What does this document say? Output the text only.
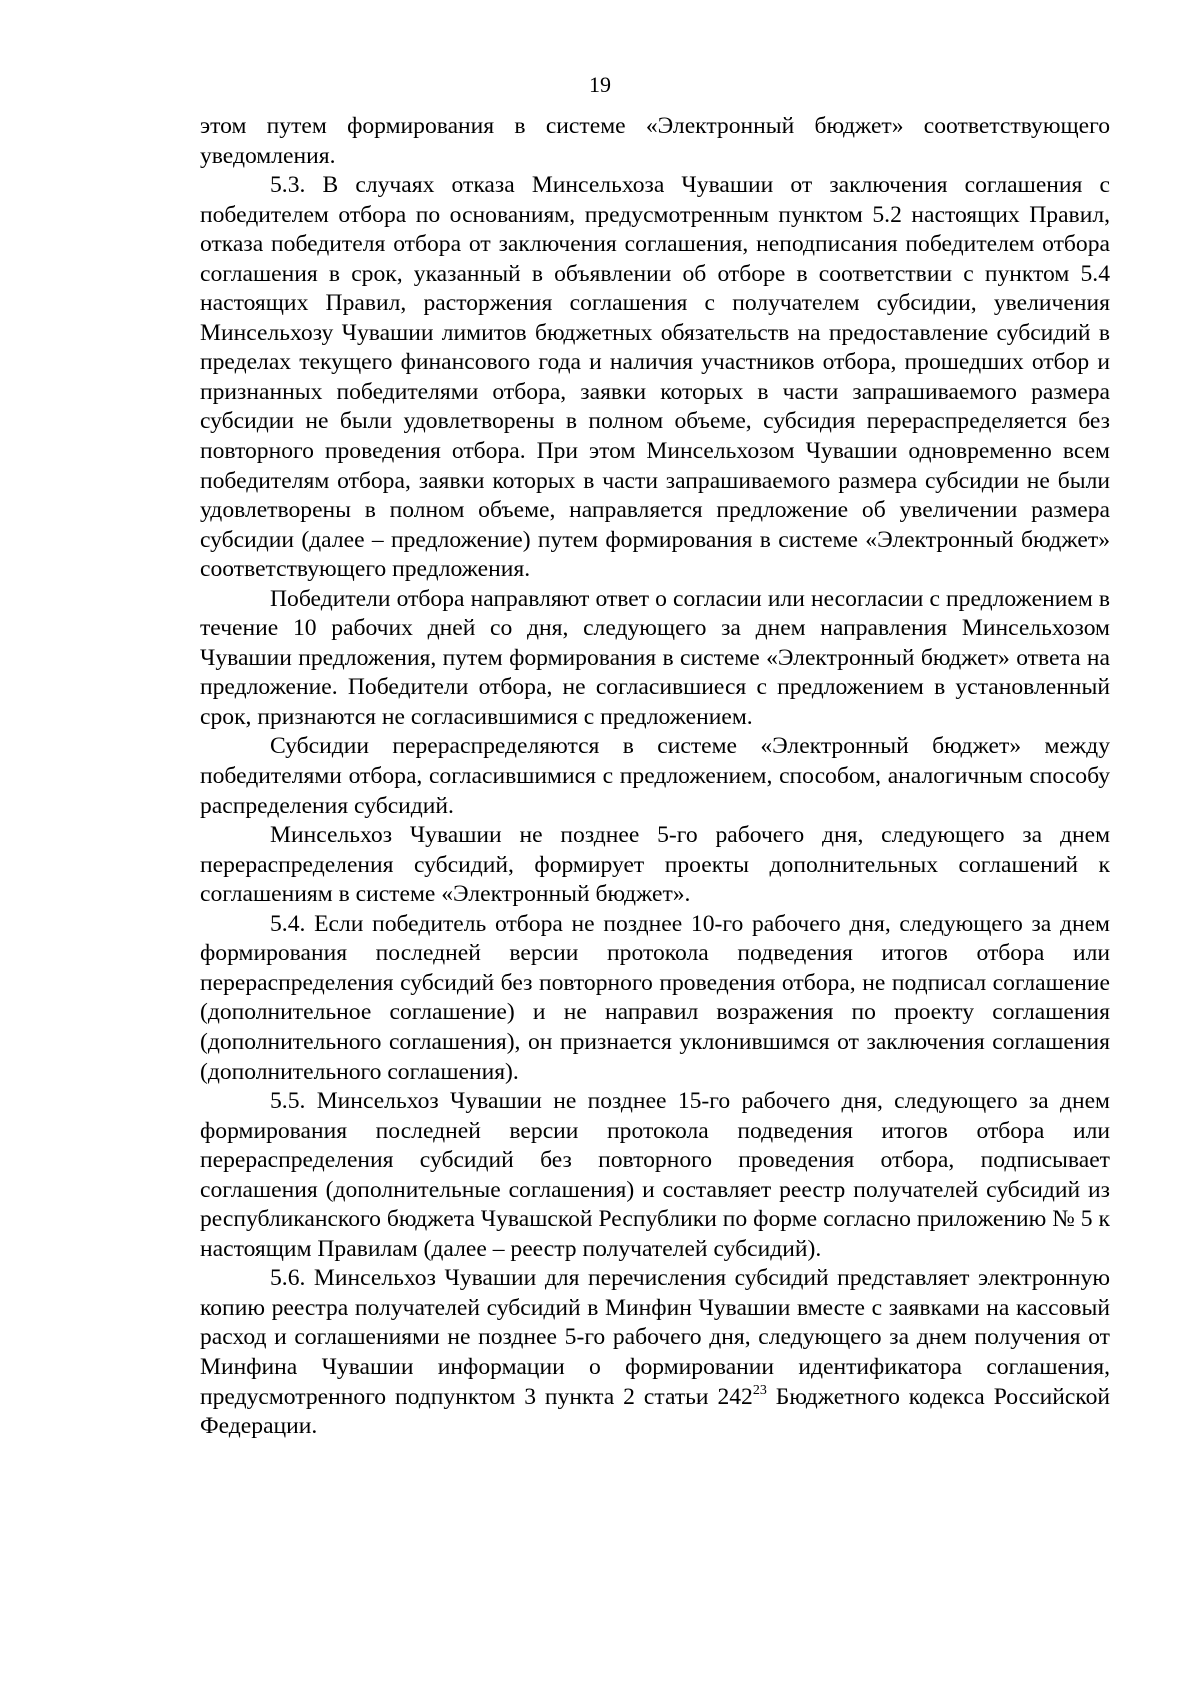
19

этом путем формирования в системе «Электронный бюджет» соответствующего уведомления.

5.3. В случаях отказа Минсельхоза Чувашии от заключения соглашения с победителем отбора по основаниям, предусмотренным пунктом 5.2 настоящих Правил, отказа победителя отбора от заключения соглашения, неподписания победителем отбора соглашения в срок, указанный в объявлении об отборе в соответствии с пунктом 5.4 настоящих Правил, расторжения соглашения с получателем субсидии, увеличения Минсельхозу Чувашии лимитов бюджетных обязательств на предоставление субсидий в пределах текущего финансового года и наличия участников отбора, прошедших отбор и признанных победителями отбора, заявки которых в части запрашиваемого размера субсидии не были удовлетворены в полном объеме, субсидия перераспределяется без повторного проведения отбора. При этом Минсельхозом Чувашии одновременно всем победителям отбора, заявки которых в части запрашиваемого размера субсидии не были удовлетворены в полном объеме, направляется предложение об увеличении размера субсидии (далее – предложение) путем формирования в системе «Электронный бюджет» соответствующего предложения.

Победители отбора направляют ответ о согласии или несогласии с предложением в течение 10 рабочих дней со дня, следующего за днем направления Минсельхозом Чувашии предложения, путем формирования в системе «Электронный бюджет» ответа на предложение. Победители отбора, не согласившиеся с предложением в установленный срок, признаются не согласившимися с предложением.

Субсидии перераспределяются в системе «Электронный бюджет» между победителями отбора, согласившимися с предложением, способом, аналогичным способу распределения субсидий.

Минсельхоз Чувашии не позднее 5-го рабочего дня, следующего за днем перераспределения субсидий, формирует проекты дополнительных соглашений к соглашениям в системе «Электронный бюджет».

5.4. Если победитель отбора не позднее 10-го рабочего дня, следующего за днем формирования последней версии протокола подведения итогов отбора или перераспределения субсидий без повторного проведения отбора, не подписал соглашение (дополнительное соглашение) и не направил возражения по проекту соглашения (дополнительного соглашения), он признается уклонившимся от заключения соглашения (дополнительного соглашения).

5.5. Минсельхоз Чувашии не позднее 15-го рабочего дня, следующего за днем формирования последней версии протокола подведения итогов отбора или перераспределения субсидий без повторного проведения отбора, подписывает соглашения (дополнительные соглашения) и составляет реестр получателей субсидий из республиканского бюджета Чувашской Республики по форме согласно приложению № 5 к настоящим Правилам (далее – реестр получателей субсидий).

5.6. Минсельхоз Чувашии для перечисления субсидий представляет электронную копию реестра получателей субсидий в Минфин Чувашии вместе с заявками на кассовый расход и соглашениями не позднее 5-го рабочего дня, следующего за днем получения от Минфина Чувашии информации о формировании идентификатора соглашения, предусмотренного подпунктом 3 пункта 2 статьи $242^{23}$ Бюджетного кодекса Российской Федерации.
